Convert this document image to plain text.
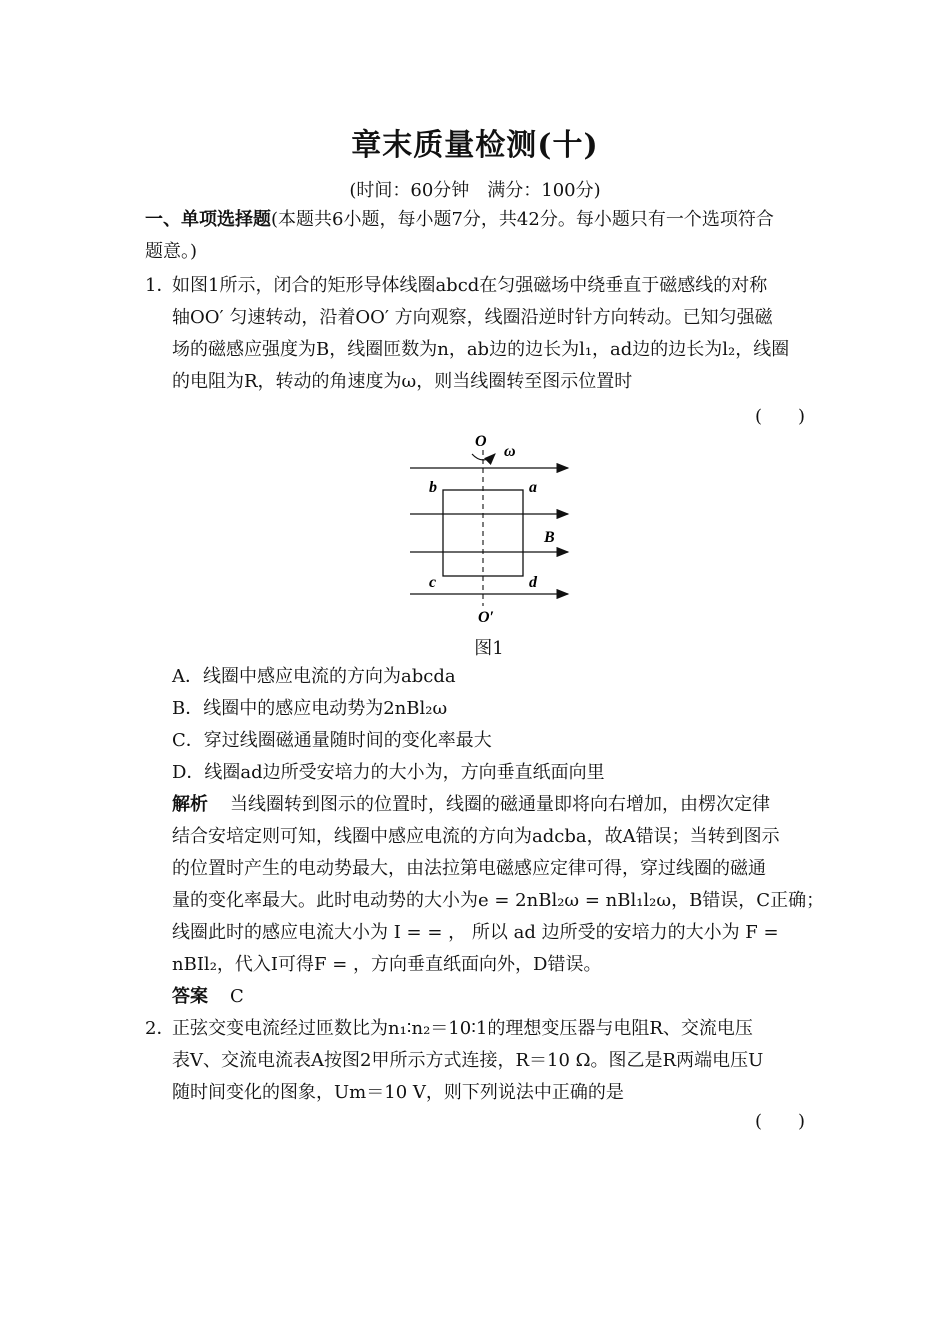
章末质量检测(十)
(时间：60分钟　满分：100分)
一、单项选择题(本题共6小题，每小题7分，共42分。每小题只有一个选项符合
题意。)
1．
如图1所示，闭合的矩形导体线圈abcd在匀强磁场中绕垂直于磁感线的对称
轴OO′ 匀速转动，沿着OO′ 方向观察，线圈沿逆时针方向转动。已知匀强磁
场的磁感应强度为B，线圈匝数为n，ab边的边长为l₁，ad边的边长为l₂，线圈
的电阻为R，转动的角速度为ω，则当线圈转至图示位置时
(　　)
O
ω
b	a
B
c	d
O′
图1
A．线圈中感应电流的方向为abcda
B．线圈中的感应电动势为2nBl₂ω
C．穿过线圈磁通量随时间的变化率最大
D．线圈ad边所受安培力的大小为，方向垂直纸面向里
解析 当线圈转到图示的位置时，线圈的磁通量即将向右增加，由楞次定律
结合安培定则可知，线圈中感应电流的方向为adcba，故A错误；当转到图示
的位置时产生的电动势最大，由法拉第电磁感应定律可得，穿过线圈的磁通
量的变化率最大。此时电动势的大小为e = 2nBl₂ω = nBl₁l₂ω，B错误，C正确；
线圈此时的感应电流大小为 I = = ， 所以 ad 边所受的安培力的大小为 F =
nBIl₂，代入I可得F = ，方向垂直纸面向外，D错误。
答案 C
2．
正弦交变电流经过匝数比为n₁∶n₂＝10∶1的理想变压器与电阻R、交流电压
表V、交流电流表A按图2甲所示方式连接，R＝10 Ω。图乙是R两端电压U
随时间变化的图象，Um＝10 V，则下列说法中正确的是
(　　)
